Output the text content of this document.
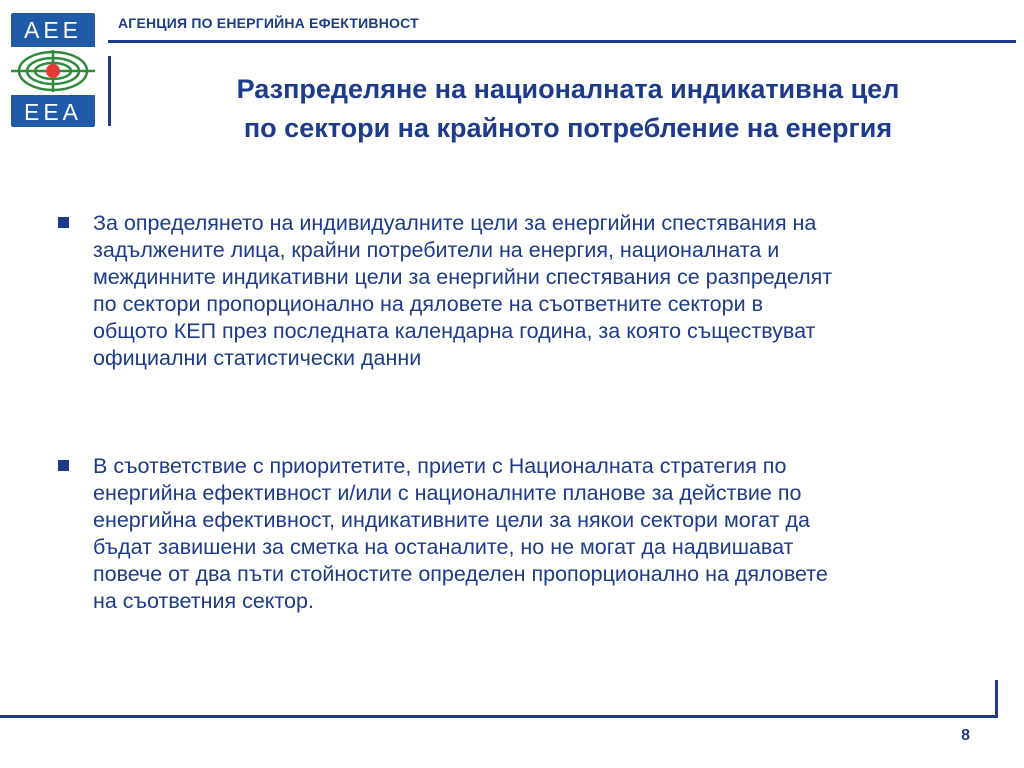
AEE
EEA
АГЕНЦИЯ ПО ЕНЕРГИЙНА ЕФЕКТИВНОСТ
Разпределяне на националната индикативна цел
по сектори на крайното потребление на енергия
За определянето на индивидуалните цели за енергийни спестявания на
задължените лица, крайни потребители на енергия, националната и
междинните индикативни цели за енергийни спестявания се разпределят
по сектори пропорционално на дяловете на съответните сектори в
общото КЕП през последната календарна година, за която съществуват
официални статистически данни
В съответствие с приоритетите, приети с Националната стратегия по
енергийна ефективност и/или с националните планове за действие по
енергийна ефективност, индикативните цели за някои сектори могат да
бъдат завишени за сметка на останалите, но не могат да надвишават
повече от два пъти стойностите определен пропорционално на дяловете
на съответния сектор.
8
